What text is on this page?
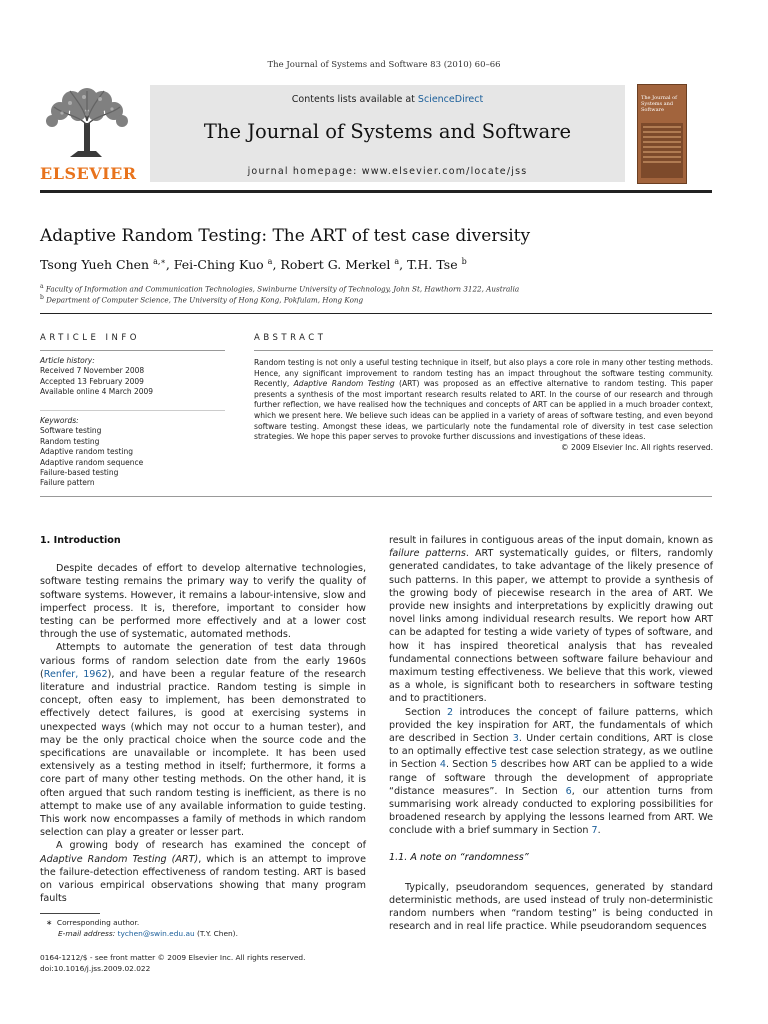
The Journal of Systems and Software 83 (2010) 60–66
ELSEVIER
Contents lists available at ScienceDirect
The Journal of Systems and Software
journal homepage: www.elsevier.com/locate/jss
The Journal of Systems and Software
Adaptive Random Testing: The ART of test case diversity
Tsong Yueh Chen $^{a,∗}$, Fei-Ching Kuo $^a$, Robert G. Merkel $^a$, T.H. Tse $^b$
$^a$ Faculty of Information and Communication Technologies, Swinburne University of Technology, John St, Hawthorn 3122, Australia
$^b$ Department of Computer Science, The University of Hong Kong, Pokfulam, Hong Kong
ARTICLE INFO
Article history:
Received 7 November 2008
Accepted 13 February 2009
Available online 4 March 2009
Keywords:
Software testing
Random testing
Adaptive random testing
Adaptive random sequence
Failure-based testing
Failure pattern
ABSTRACT
Random testing is not only a useful testing technique in itself, but also plays a core role in many other testing methods. Hence, any significant improvement to random testing has an impact throughout the software testing community. Recently, Adaptive Random Testing (ART) was proposed as an effective alternative to random testing. This paper presents a synthesis of the most important research results related to ART. In the course of our research and through further reflection, we have realised how the techniques and concepts of ART can be applied in a much broader context, which we present here. We believe such ideas can be applied in a variety of areas of software testing, and even beyond software testing. Amongst these ideas, we particularly note the fundamental role of diversity in test case selection strategies. We hope this paper serves to provoke further discussions and investigations of these ideas.
© 2009 Elsevier Inc. All rights reserved.
1. Introduction

Despite decades of effort to develop alternative technologies, software testing remains the primary way to verify the quality of software systems. However, it remains a labour-intensive, slow and imperfect process. It is, therefore, important to consider how testing can be performed more effectively and at a lower cost through the use of systematic, automated methods.

Attempts to automate the generation of test data through various forms of random selection date from the early 1960s (Renfer, 1962), and have been a regular feature of the research literature and industrial practice. Random testing is simple in concept, often easy to implement, has been demonstrated to effectively detect failures, is good at exercising systems in unexpected ways (which may not occur to a human tester), and may be the only practical choice when the source code and the specifications are unavailable or incomplete. It has been used extensively as a testing method in itself; furthermore, it forms a core part of many other testing methods. On the other hand, it is often argued that such random testing is inefficient, as there is no attempt to make use of any available information to guide testing. This work now encompasses a family of methods in which random selection can play a greater or lesser part.

A growing body of research has examined the concept of Adaptive Random Testing (ART), which is an attempt to improve the failure-detection effectiveness of random testing. ART is based on various empirical observations showing that many program faults

result in failures in contiguous areas of the input domain, known as failure patterns. ART systematically guides, or filters, randomly generated candidates, to take advantage of the likely presence of such patterns. In this paper, we attempt to provide a synthesis of the growing body of piecewise research in the area of ART. We provide new insights and interpretations by explicitly drawing out novel links among individual research results. We report how ART can be adapted for testing a wide variety of types of software, and how it has inspired theoretical analysis that has revealed fundamental connections between software failure behaviour and maximum testing effectiveness. We believe that this work, viewed as a whole, is significant both to researchers in software testing and to practitioners.

Section 2 introduces the concept of failure patterns, which provided the key inspiration for ART, the fundamentals of which are described in Section 3. Under certain conditions, ART is close to an optimally effective test case selection strategy, as we outline in Section 4. Section 5 describes how ART can be applied to a wide range of software through the development of appropriate “distance measures”. In Section 6, our attention turns from summarising work already conducted to exploring possibilities for broadened research by applying the lessons learned from ART. We conclude with a brief summary in Section 7.

1.1. A note on “randomness”

Typically, pseudorandom sequences, generated by standard deterministic methods, are used instead of truly non-deterministic random numbers when “random testing” is being conducted in research and in real life practice. While pseudorandom sequences

∗ Corresponding author.
E-mail address: tychen@swin.edu.au (T.Y. Chen).
0164-1212/$ - see front matter © 2009 Elsevier Inc. All rights reserved.
doi:10.1016/j.jss.2009.02.022
